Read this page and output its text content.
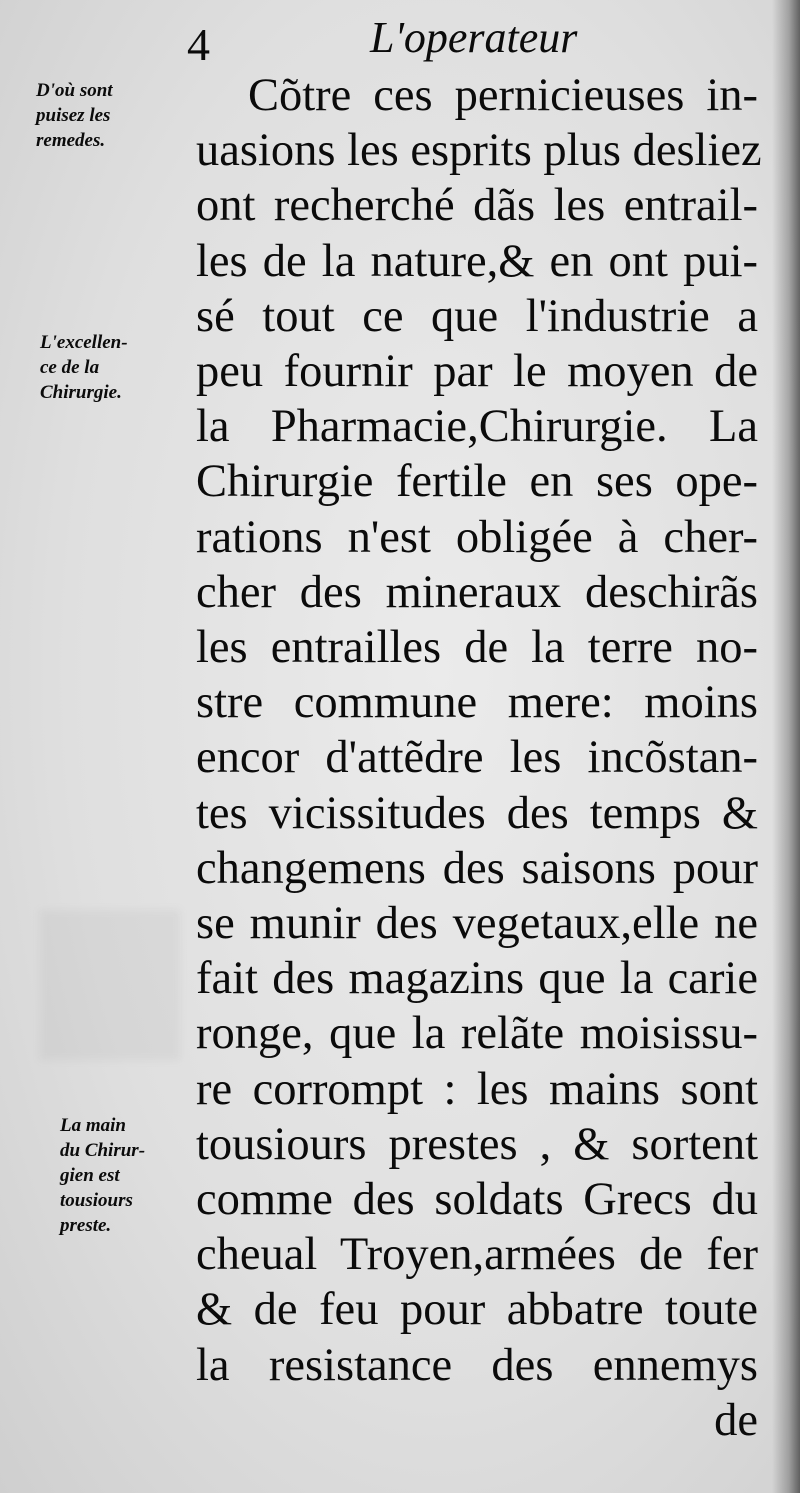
4	L'operateur
D'où sont
puisez les
remedes.
L'excellen-
ce de la
Chirurgie.
La main
du Chirur-
gien est
tousiours
preste.
Cõtre ces pernicieuses in-
uasions les esprits plus desliez
ont recherché dãs les entrail-
les de la nature,& en ont pui-
sé tout ce que l'industrie a
peu fournir par le moyen de
la Pharmacie,Chirurgie. La
Chirurgie fertile en ses ope-
rations n'est obligée à cher-
cher des mineraux deschirãs
les entrailles de la terre no-
stre commune mere: moins
encor d'attẽdre les incõstan-
tes vicissitudes des temps &
changemens des saisons pour
se munir des vegetaux,elle ne
fait des magazins que la carie
ronge, que la relãte moisissu-
re corrompt : les mains sont
tousiours prestes , & sortent
comme des soldats Grecs du
cheual Troyen,armées de fer
& de feu pour abbatre toute
la resistance des ennemys
de
